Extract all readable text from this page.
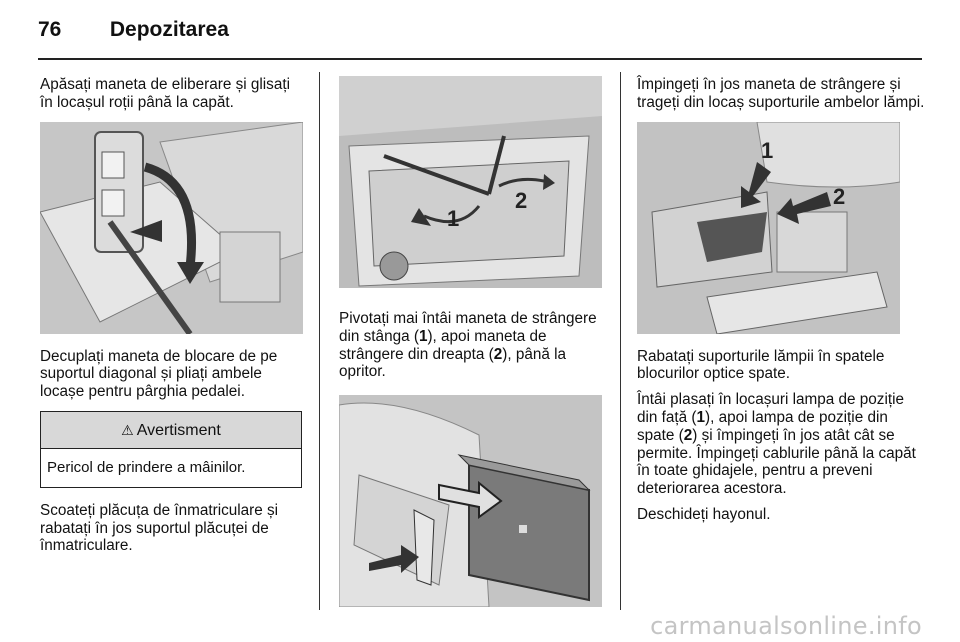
76 Depozitarea

Apăsați maneta de eliberare și glisați în locașul roții până la capăt.

Decuplați maneta de blocare de pe suportul diagonal și pliați ambele locașe pentru pârghia pedalei.

⚠ Avertisment
Pericol de prindere a mâinilor.

Scoateți plăcuța de înmatriculare și rabatați în jos suportul plăcuței de înmatriculare.

1
2

Pivotați mai întâi maneta de strângere din stânga (1), apoi maneta de strângere din dreapta (2), până la opritor.

Împingeți în jos maneta de strângere și trageți din locaș suporturile ambelor lămpi.

1
2

Rabatați suporturile lămpii în spatele blocurilor optice spate.

Întâi plasați în locașuri lampa de poziție din față (1), apoi lampa de poziție din spate (2) și împingeți în jos atât cât se permite. Împingeți cablurile până la capăt în toate ghidajele, pentru a preveni deteriorarea acestora.

Deschideți hayonul.

carmanualsonline.info
